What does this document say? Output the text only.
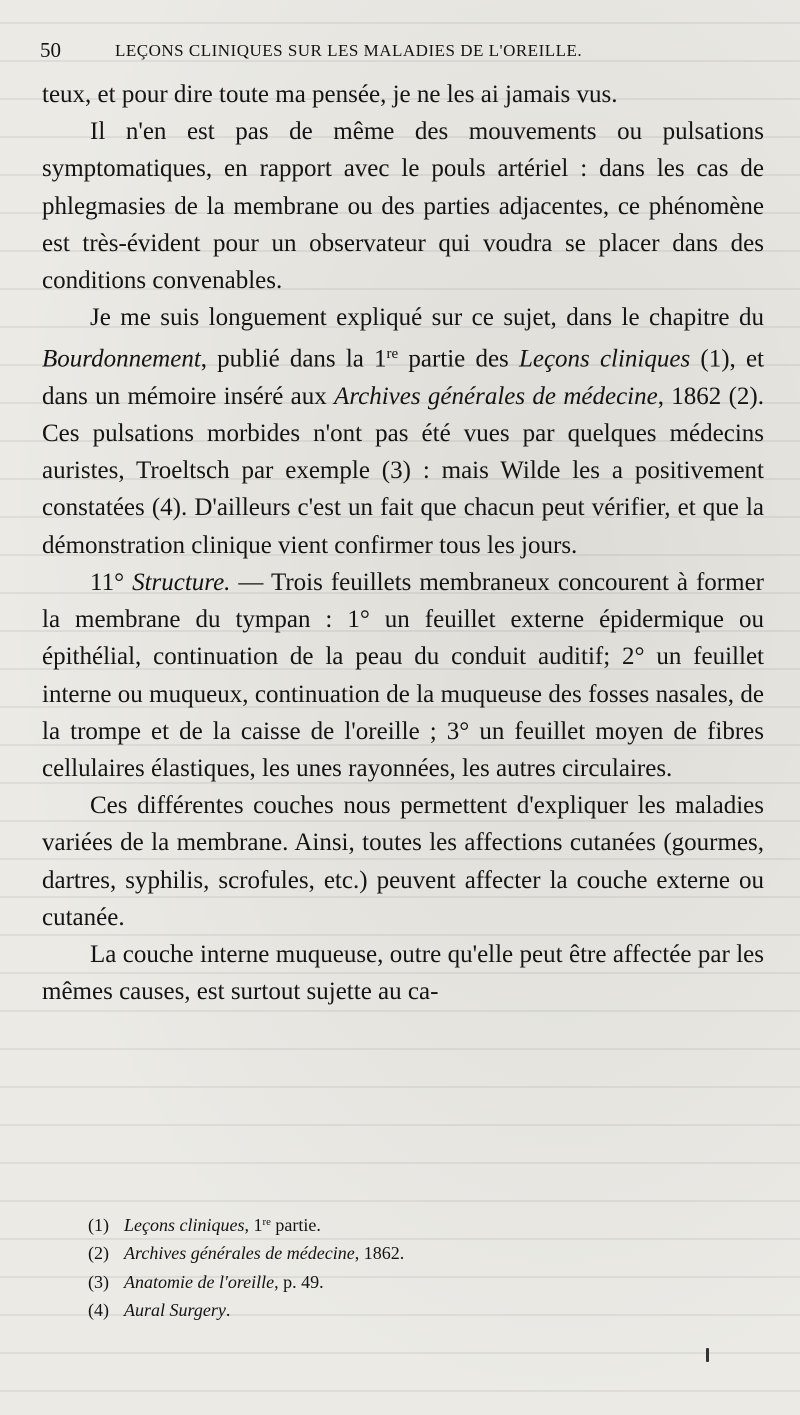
50	LEÇONS CLINIQUES SUR LES MALADIES DE L'OREILLE.

teux, et pour dire toute ma pensée, je ne les ai jamais vus.

Il n'en est pas de même des mouvements ou pulsations symptomatiques, en rapport avec le pouls artériel : dans les cas de phlegmasies de la membrane ou des parties adjacentes, ce phénomène est très-évident pour un observateur qui voudra se placer dans des conditions convenables.

Je me suis longuement expliqué sur ce sujet, dans le chapitre du Bourdonnement, publié dans la 1re partie des Leçons cliniques (1), et dans un mémoire inséré aux Archives générales de médecine, 1862 (2). Ces pulsations morbides n'ont pas été vues par quelques médecins auristes, Troeltsch par exemple (3) : mais Wilde les a positivement constatées (4). D'ailleurs c'est un fait que chacun peut vérifier, et que la démonstration clinique vient confirmer tous les jours.

11° Structure. — Trois feuillets membraneux concourent à former la membrane du tympan : 1° un feuillet externe épidermique ou épithélial, continuation de la peau du conduit auditif; 2° un feuillet interne ou muqueux, continuation de la muqueuse des fosses nasales, de la trompe et de la caisse de l'oreille ; 3° un feuillet moyen de fibres cellulaires élastiques, les unes rayonnées, les autres circulaires.

Ces différentes couches nous permettent d'expliquer les maladies variées de la membrane. Ainsi, toutes les affections cutanées (gourmes, dartres, syphilis, scrofules, etc.) peuvent affecter la couche externe ou cutanée.

La couche interne muqueuse, outre qu'elle peut être affectée par les mêmes causes, est surtout sujette au ca-

(1) Leçons cliniques, 1re partie.
(2) Archives générales de médecine, 1862.
(3) Anatomie de l'oreille, p. 49.
(4) Aural Surgery.
